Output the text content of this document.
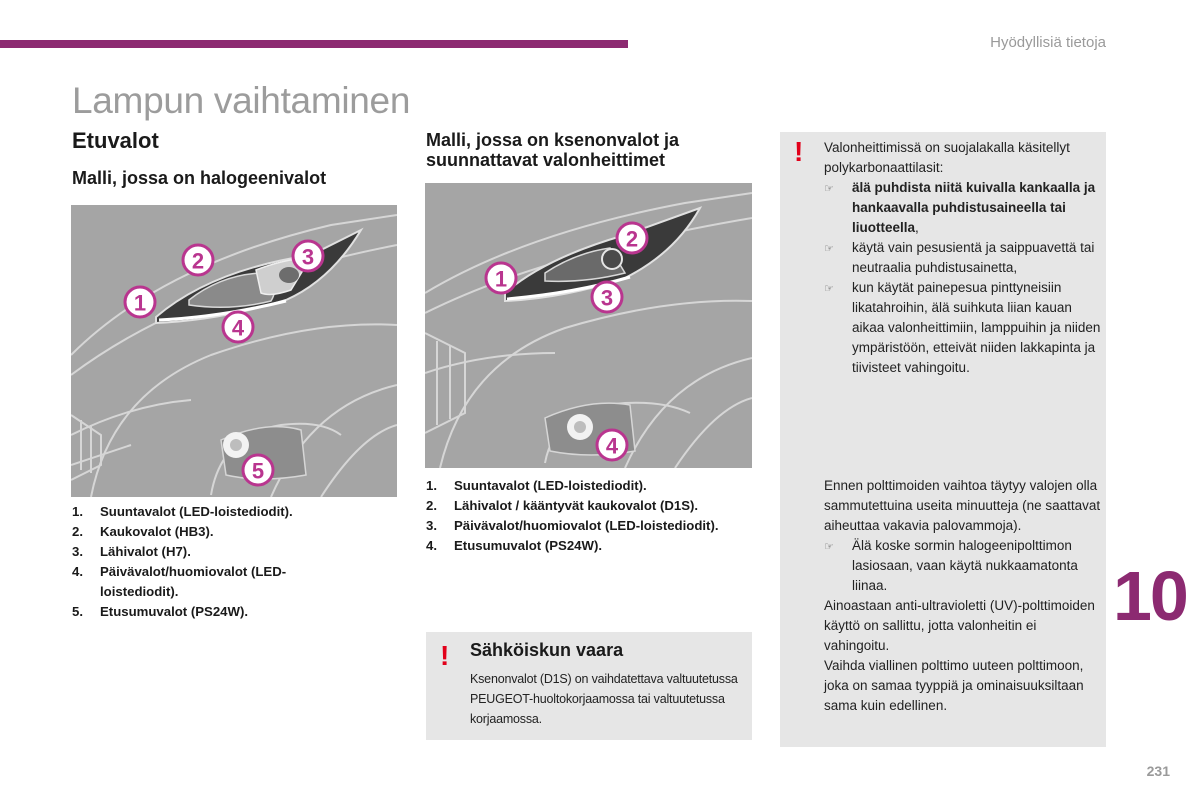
Hyödyllisiä tietoja
Lampun vaihtaminen
Etuvalot
Malli, jossa on halogeenivalot
Malli, jossa on ksenonvalot ja suunnattavat valonheittimet
1
2	3
4
5
1
2
3
4
1.	Suuntavalot (LED-loistediodit).
2.	Kaukovalot (HB3).
3.	Lähivalot (H7).
4.	Päivävalot/huomiovalot (LED-loistediodit).
5.	Etusumuvalot (PS24W).
1.	Suuntavalot (LED-loistediodit).
2.	Lähivalot / kääntyvät kaukovalot (D1S).
3.	Päivävalot/huomiovalot (LED-loistediodit).
4.	Etusumuvalot (PS24W).
! Sähköiskun vaara
Ksenonvalot (D1S) on vaihdatettava valtuutetussa PEUGEOT-huoltokorjaamossa tai valtuutetussa korjaamossa.
! Valonheittimissä on suojalakalla käsitellyt polykarbonaattilasit:
☞	älä puhdista niitä kuivalla kankaalla ja hankaavalla puhdistusaineella tai liuotteella,
☞	käytä vain pesusientä ja saippuavettä tai neutraalia puhdistusainetta,
☞	kun käytät painepesua pinttyneisiin likatahroihin, älä suihkuta liian kauan aikaa valonheittimiin, lamppuihin ja niiden ympäristöön, etteivät niiden lakkapinta ja tiivisteet vahingoitu.
Ennen polttimoiden vaihtoa täytyy valojen olla sammutettuina useita minuutteja (ne saattavat aiheuttaa vakavia palovammoja).
☞	Älä koske sormin halogeenipolttimon lasiosaan, vaan käytä nukkaamatonta liinaa.
Ainoastaan anti-ultravioletti (UV)-polttimoiden käyttö on sallittu, jotta valonheitin ei vahingoitu.
Vaihda viallinen polttimo uuteen polttimoon, joka on samaa tyyppiä ja ominaisuuksiltaan sama kuin edellinen.
10
231
